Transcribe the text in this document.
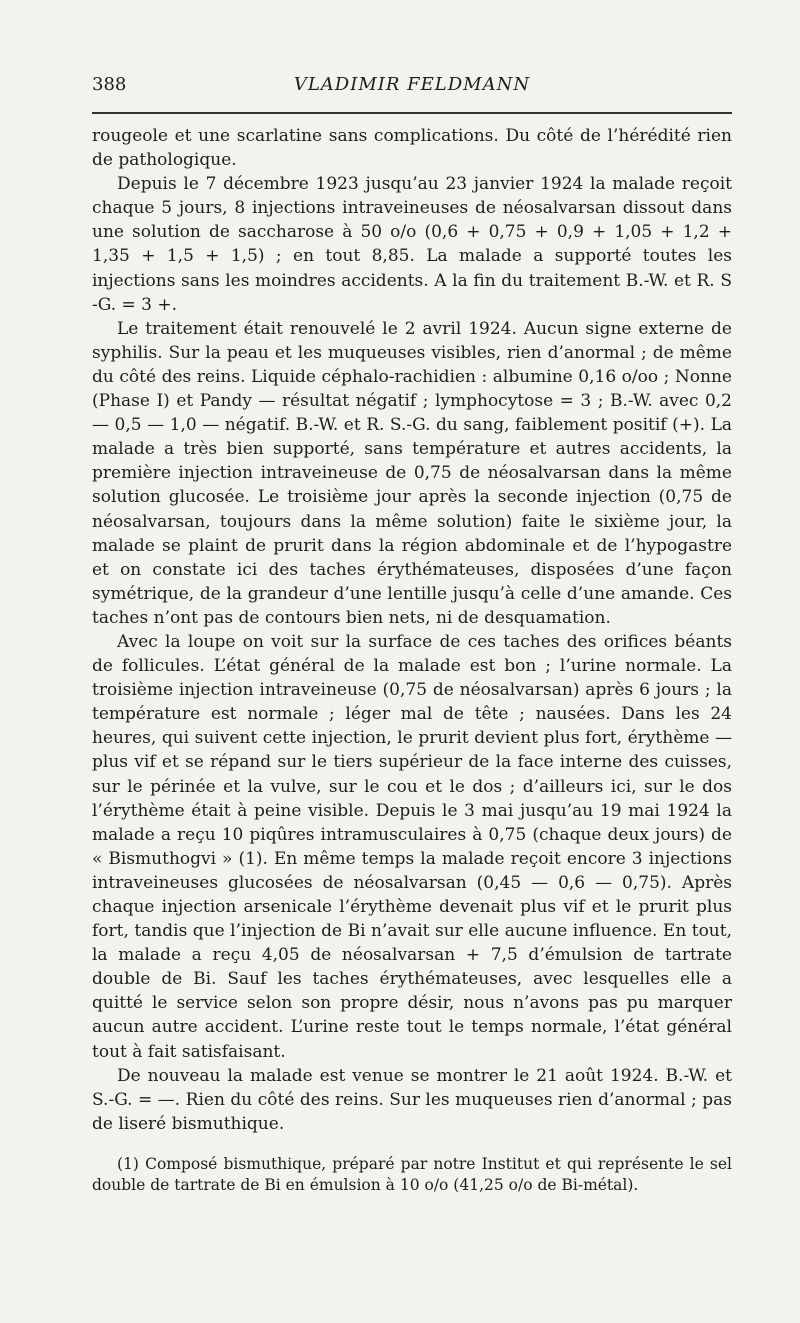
388	VLADIMIR FELDMANN

rougeole et une scarlatine sans complications. Du côté de l’hérédité rien de pathologique.

Depuis le 7 décembre 1923 jusqu’au 23 janvier 1924 la malade reçoit chaque 5 jours, 8 injections intraveineuses de néosalvarsan dissout dans une solution de saccharose à 50 o/o (0,6 + 0,75 + 0,9 + 1,05 + 1,2 + 1,35 + 1,5 + 1,5) ; en tout 8,85. La malade a supporté toutes les injections sans les moindres accidents. A la fin du traitement B.-W. et R. S -G. = 3 +.

Le traitement était renouvelé le 2 avril 1924. Aucun signe externe de syphilis. Sur la peau et les muqueuses visibles, rien d’anormal ; de même du côté des reins. Liquide céphalo-rachidien : albumine 0,16 o/oo ; Nonne (Phase I) et Pandy — résultat négatif ; lymphocytose = 3 ; B.-W. avec 0,2 — 0,5 — 1,0 — négatif. B.-W. et R. S.-G. du sang, faiblement positif (+). La malade a très bien supporté, sans température et autres accidents, la première injection intraveineuse de 0,75 de néosalvarsan dans la même solution glucosée. Le troisième jour après la seconde injection (0,75 de néosalvarsan, toujours dans la même solution) faite le sixième jour, la malade se plaint de prurit dans la région abdominale et de l’hypogastre et on constate ici des taches érythémateuses, disposées d’une façon symétrique, de la grandeur d’une lentille jusqu’à celle d’une amande. Ces taches n’ont pas de contours bien nets, ni de desquamation.

Avec la loupe on voit sur la surface de ces taches des orifices béants de follicules. L’état général de la malade est bon ; l’urine normale. La troisième injection intraveineuse (0,75 de néosalvarsan) après 6 jours ; la température est normale ; léger mal de tête ; nausées. Dans les 24 heures, qui suivent cette injection, le prurit devient plus fort, érythème — plus vif et se répand sur le tiers supérieur de la face interne des cuisses, sur le périnée et la vulve, sur le cou et le dos ; d’ailleurs ici, sur le dos l’érythème était à peine visible. Depuis le 3 mai jusqu’au 19 mai 1924 la malade a reçu 10 piqûres intramusculaires à 0,75 (chaque deux jours) de « Bismuthogvi » (1). En même temps la malade reçoit encore 3 injections intraveineuses glucosées de néosalvarsan (0,45 — 0,6 — 0,75). Après chaque injection arsenicale l’érythème devenait plus vif et le prurit plus fort, tandis que l’injection de Bi n’avait sur elle aucune influence. En tout, la malade a reçu 4,05 de néosalvarsan + 7,5 d’émulsion de tartrate double de Bi. Sauf les taches érythémateuses, avec lesquelles elle a quitté le service selon son propre désir, nous n’avons pas pu marquer aucun autre accident. L’urine reste tout le temps normale, l’état général tout à fait satisfaisant.

De nouveau la malade est venue se montrer le 21 août 1924. B.-W. et S.-G. = —. Rien du côté des reins. Sur les muqueuses rien d’anormal ; pas de liseré bismuthique.

(1) Composé bismuthique, préparé par notre Institut et qui représente le sel double de tartrate de Bi en émulsion à 10 o/o (41,25 o/o de Bi-métal).
